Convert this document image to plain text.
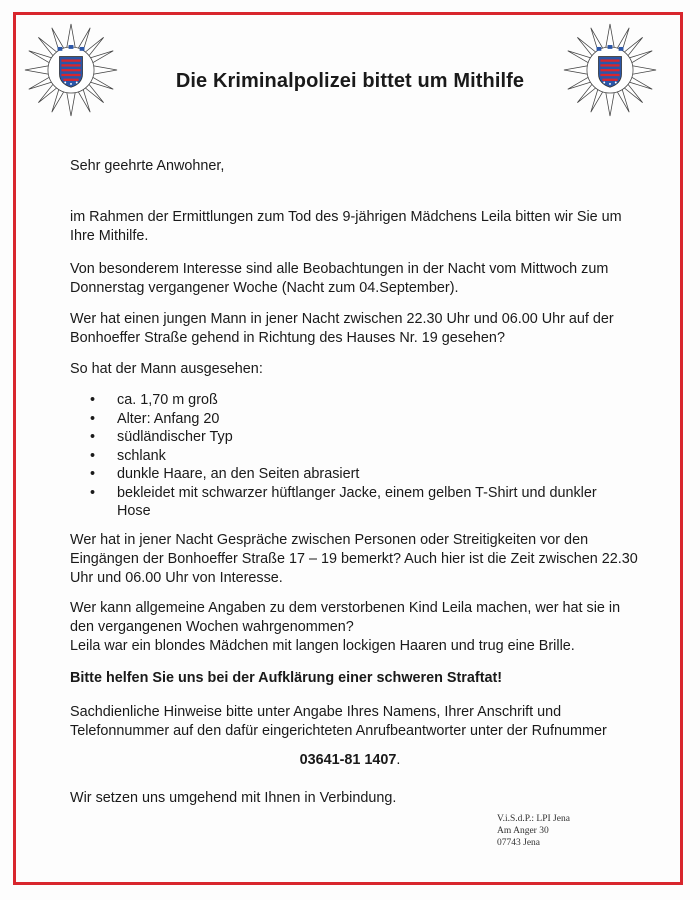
Die Kriminalpolizei bittet um Mithilfe
Sehr geehrte Anwohner,
im Rahmen der Ermittlungen zum Tod des 9-jährigen Mädchens Leila bitten wir Sie um Ihre Mithilfe.
Von besonderem Interesse sind alle Beobachtungen in der Nacht vom Mittwoch zum Donnerstag vergangener Woche (Nacht zum 04.September).
Wer hat einen jungen Mann in jener Nacht zwischen 22.30 Uhr und 06.00 Uhr auf der Bonhoeffer Straße gehend in Richtung des Hauses Nr. 19 gesehen?
So hat der Mann ausgesehen:
• ca. 1,70 m groß
• Alter: Anfang 20
• südländischer Typ
• schlank
• dunkle Haare, an den Seiten abrasiert
• bekleidet mit schwarzer hüftlanger Jacke, einem gelben T-Shirt und dunkler Hose
Wer hat in jener Nacht Gespräche zwischen Personen oder Streitigkeiten vor den Eingängen der Bonhoeffer Straße 17 – 19 bemerkt? Auch hier ist die Zeit zwischen 22.30 Uhr und 06.00 Uhr von Interesse.
Wer kann allgemeine Angaben zu dem verstorbenen Kind Leila machen, wer hat sie in den vergangenen Wochen wahrgenommen?
Leila war ein blondes Mädchen mit langen lockigen Haaren und trug eine Brille.
Bitte helfen Sie uns bei der Aufklärung einer schweren Straftat!
Sachdienliche Hinweise bitte unter Angabe Ihres Namens, Ihrer Anschrift und Telefonnummer auf den dafür eingerichteten Anrufbeantworter unter der Rufnummer
03641-81 1407.
Wir setzen uns umgehend mit Ihnen in Verbindung.
V.i.S.d.P.: LPI Jena
Am Anger 30
07743 Jena
